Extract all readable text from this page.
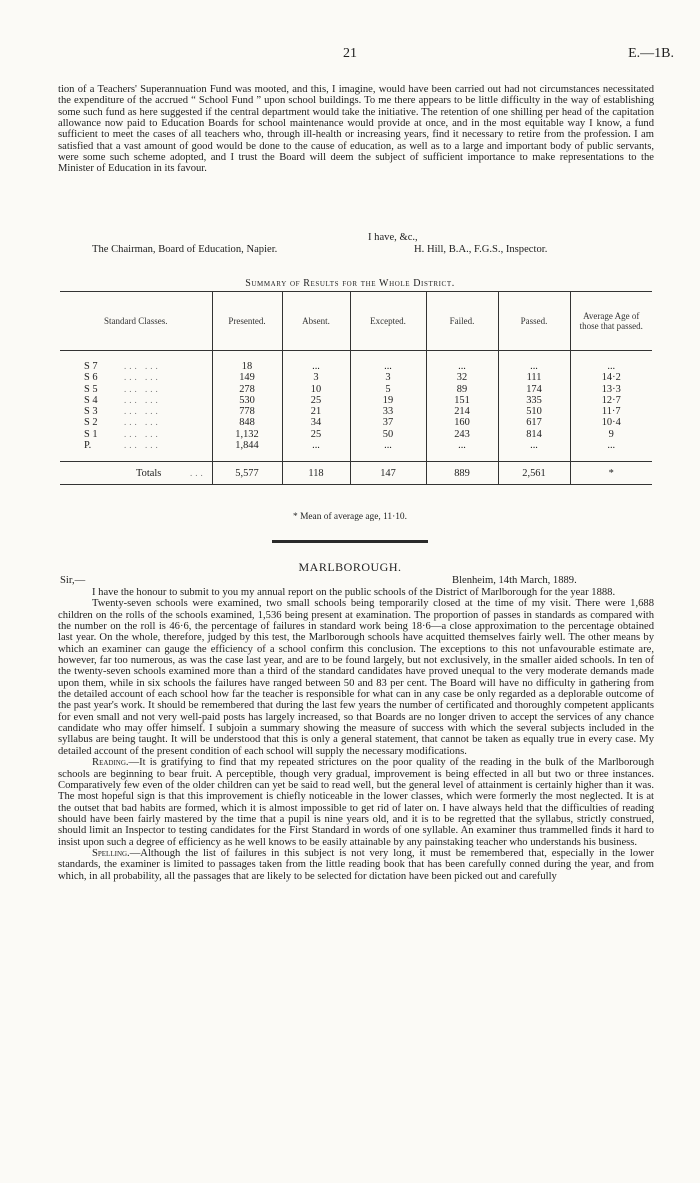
21	E.—1B.

tion of a Teachers' Superannuation Fund was mooted, and this, I imagine, would have been carried out had not circumstances necessitated the expenditure of the accrued “ School Fund ” upon school buildings. To me there appears to be little difficulty in the way of establishing some such fund as here suggested if the central department would take the initiative. The retention of one shilling per head of the capitation allowance now paid to Education Boards for school maintenance would provide at once, and in the most equitable way I know, a fund sufficient to meet the cases of all teachers who, through ill-health or increasing years, find it necessary to retire from the profession. I am satisfied that a vast amount of good would be done to the cause of education, as well as to a large and important body of public servants, were some such scheme adopted, and I trust the Board will deem the subject of sufficient importance to make representations to the Minister of Education in its favour.

I have, &c.,
The Chairman, Board of Education, Napier.	H. Hill, B.A., F.G.S., Inspector.
Summary of Results for the Whole District.
Standard Classes.	Presented.	Absent.	Excepted.	Failed.	Passed.	Average Age of those that passed.

S 7 ... ...	18	...	...	...	...	...
S 6 ... ...	149	3	3	32	111	14·2
S 5 ... ...	278	10	5	89	174	13·3
S 4 ... ...	530	25	19	151	335	12·7
S 3 ... ...	778	21	33	214	510	11·7
S 2 ... ...	848	34	37	160	617	10·4
S 1 ... ...	1,132	25	50	243	814	9
P. ... ...	1,844	...	...	...	...	...

Totals ...	5,577	118	147	889	2,561	*
* Mean of average age, 11·10.
MARLBOROUGH.
Sir,—	Blenheim, 14th March, 1889.

I have the honour to submit to you my annual report on the public schools of the District of Marlborough for the year 1888.

Twenty-seven schools were examined, two small schools being temporarily closed at the time of my visit. There were 1,688 children on the rolls of the schools examined, 1,536 being present at examination. The proportion of passes in standards as compared with the number on the roll is 46·6, the percentage of failures in standard work being 18·6—a close approximation to the percentage obtained last year. On the whole, therefore, judged by this test, the Marlborough schools have acquitted themselves fairly well. The other means by which an examiner can gauge the efficiency of a school confirm this conclusion. The exceptions to this not unfavourable estimate are, however, far too numerous, as was the case last year, and are to be found largely, but not exclusively, in the smaller aided schools. In ten of the twenty-seven schools examined more than a third of the standard candidates have proved unequal to the very moderate demands made upon them, while in six schools the failures have ranged between 50 and 83 per cent. The Board will have no difficulty in gathering from the detailed account of each school how far the teacher is responsible for what can in any case be only regarded as a deplorable outcome of the past year's work. It should be remembered that during the last few years the number of certificated and thoroughly competent applicants for even small and not very well-paid posts has largely increased, so that Boards are no longer driven to accept the services of any chance candidate who may offer himself. I subjoin a summary showing the measure of success with which the several subjects included in the syllabus are being taught. It will be understood that this is only a general statement, that cannot be taken as equally true in every case. My detailed account of the present condition of each school will supply the necessary modifications.

Reading.—It is gratifying to find that my repeated strictures on the poor quality of the reading in the bulk of the Marlborough schools are beginning to bear fruit. A perceptible, though very gradual, improvement is being effected in all but two or three instances. Comparatively few even of the older children can yet be said to read well, but the general level of attainment is certainly higher than it was. The most hopeful sign is that this improvement is chiefly noticeable in the lower classes, which were formerly the most neglected. It is at the outset that bad habits are formed, which it is almost impossible to get rid of later on. I have always held that the difficulties of reading should have been fairly mastered by the time that a pupil is nine years old, and it is to be regretted that the syllabus, strictly construed, should limit an Inspector to testing candidates for the First Standard in words of one syllable. An examiner thus trammelled finds it hard to insist upon such a degree of efficiency as he well knows to be easily attainable by any painstaking teacher who understands his business.

Spelling.—Although the list of failures in this subject is not very long, it must be remembered that, especially in the lower standards, the examiner is limited to passages taken from the little reading book that has been carefully conned during the year, and from which, in all probability, all the passages that are likely to be selected for dictation have been picked out and carefully
